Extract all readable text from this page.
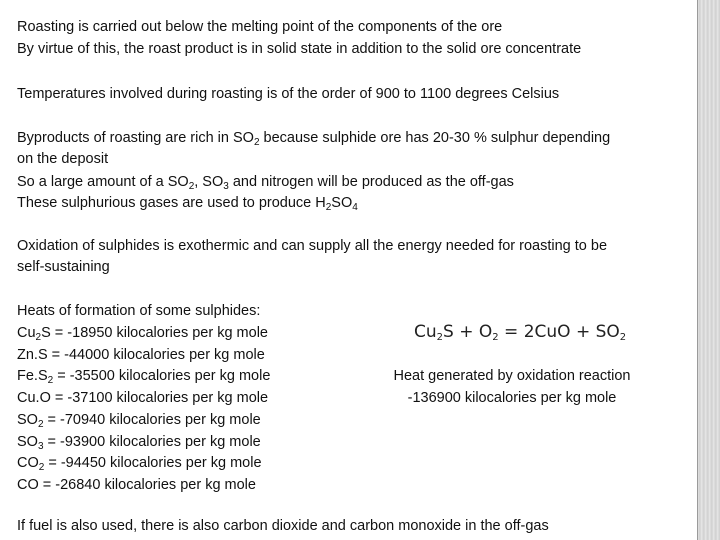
Roasting is carried out below the melting point of the components of the ore
By virtue of this, the roast product is in solid state in addition to the solid ore concentrate
Temperatures involved during roasting is of the order of 900 to 1100 degrees Celsius
Byproducts of roasting are rich in $SO_2$ because sulphide ore has 20-30 % sulphur depending
on the deposit
So a large amount of a $SO_2$, $SO_3$ and nitrogen will be produced as the off-gas
These sulphurious gases are used to produce $H_2SO_4$
Oxidation of sulphides is exothermic and can supply all the energy needed for roasting to be
self-sustaining
Heats of formation of some sulphides:
$Cu_2S = -18950$ kilocalories per kg mole
Zn.S = -44000 kilocalories per kg mole
$Fe.S_2 = -35500$ kilocalories per kg mole
Cu.O = -37100 kilocalories per kg mole
$SO_2 = -70940$ kilocalories per kg mole
$SO_3 = -93900$ kilocalories per kg mole
$CO_2 = -94450$ kilocalories per kg mole
CO = -26840 kilocalories per kg mole
$Cu_2S + O_2 = 2CuO + SO_2$
Heat generated by oxidation reaction
-136900 kilocalories per kg mole
If fuel is also used, there is also carbon dioxide and carbon monoxide in the off-gas
